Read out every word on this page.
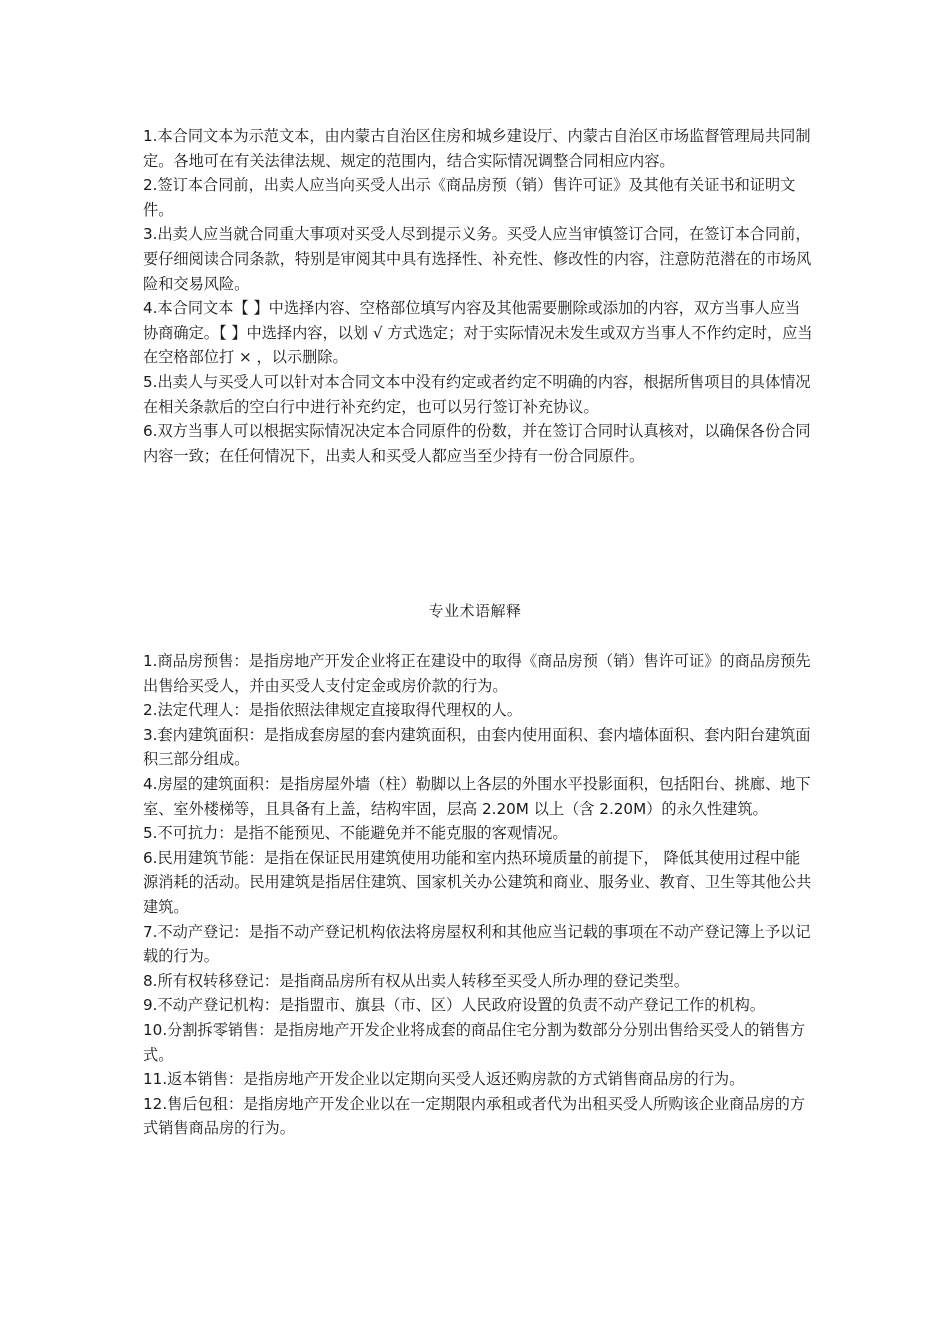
1.本合同文本为示范文本，由内蒙古自治区住房和城乡建设厅、内蒙古自治区市场监督管理局共同制定。各地可在有关法律法规、规定的范围内，结合实际情况调整合同相应内容。

2.签订本合同前，出卖人应当向买受人出示《商品房预（销）售许可证》及其他有关证书和证明文件。

3.出卖人应当就合同重大事项对买受人尽到提示义务。买受人应当审慎签订合同，在签订本合同前，要仔细阅读合同条款，特别是审阅其中具有选择性、补充性、修改性的内容，注意防范潜在的市场风险和交易风险。

4.本合同文本【 】中选择内容、空格部位填写内容及其他需要删除或添加的内容，双方当事人应当协商确定。【 】中选择内容，以划 √ 方式选定；对于实际情况未发生或双方当事人不作约定时，应当在空格部位打 × ，以示删除。

5.出卖人与买受人可以针对本合同文本中没有约定或者约定不明确的内容，根据所售项目的具体情况在相关条款后的空白行中进行补充约定，也可以另行签订补充协议。

6.双方当事人可以根据实际情况决定本合同原件的份数，并在签订合同时认真核对，以确保各份合同内容一致；在任何情况下，出卖人和买受人都应当至少持有一份合同原件。

专业术语解释

1.商品房预售：是指房地产开发企业将正在建设中的取得《商品房预（销）售许可证》的商品房预先出售给买受人，并由买受人支付定金或房价款的行为。

2.法定代理人：是指依照法律规定直接取得代理权的人。

3.套内建筑面积：是指成套房屋的套内建筑面积，由套内使用面积、套内墙体面积、套内阳台建筑面积三部分组成。

4.房屋的建筑面积：是指房屋外墙（柱）勒脚以上各层的外围水平投影面积，包括阳台、挑廊、地下室、室外楼梯等，且具备有上盖，结构牢固，层高 2.20M 以上（含 2.20M）的永久性建筑。

5.不可抗力：是指不能预见、不能避免并不能克服的客观情况。

6.民用建筑节能：是指在保证民用建筑使用功能和室内热环境质量的前提下， 降低其使用过程中能源消耗的活动。民用建筑是指居住建筑、国家机关办公建筑和商业、服务业、教育、卫生等其他公共建筑。

7.不动产登记：是指不动产登记机构依法将房屋权利和其他应当记载的事项在不动产登记簿上予以记载的行为。

8.所有权转移登记：是指商品房所有权从出卖人转移至买受人所办理的登记类型。

9.不动产登记机构：是指盟市、旗县（市、区）人民政府设置的负责不动产登记工作的机构。

10.分割拆零销售：是指房地产开发企业将成套的商品住宅分割为数部分分别出售给买受人的销售方式。

11.返本销售：是指房地产开发企业以定期向买受人返还购房款的方式销售商品房的行为。

12.售后包租：是指房地产开发企业以在一定期限内承租或者代为出租买受人所购该企业商品房的方式销售商品房的行为。
